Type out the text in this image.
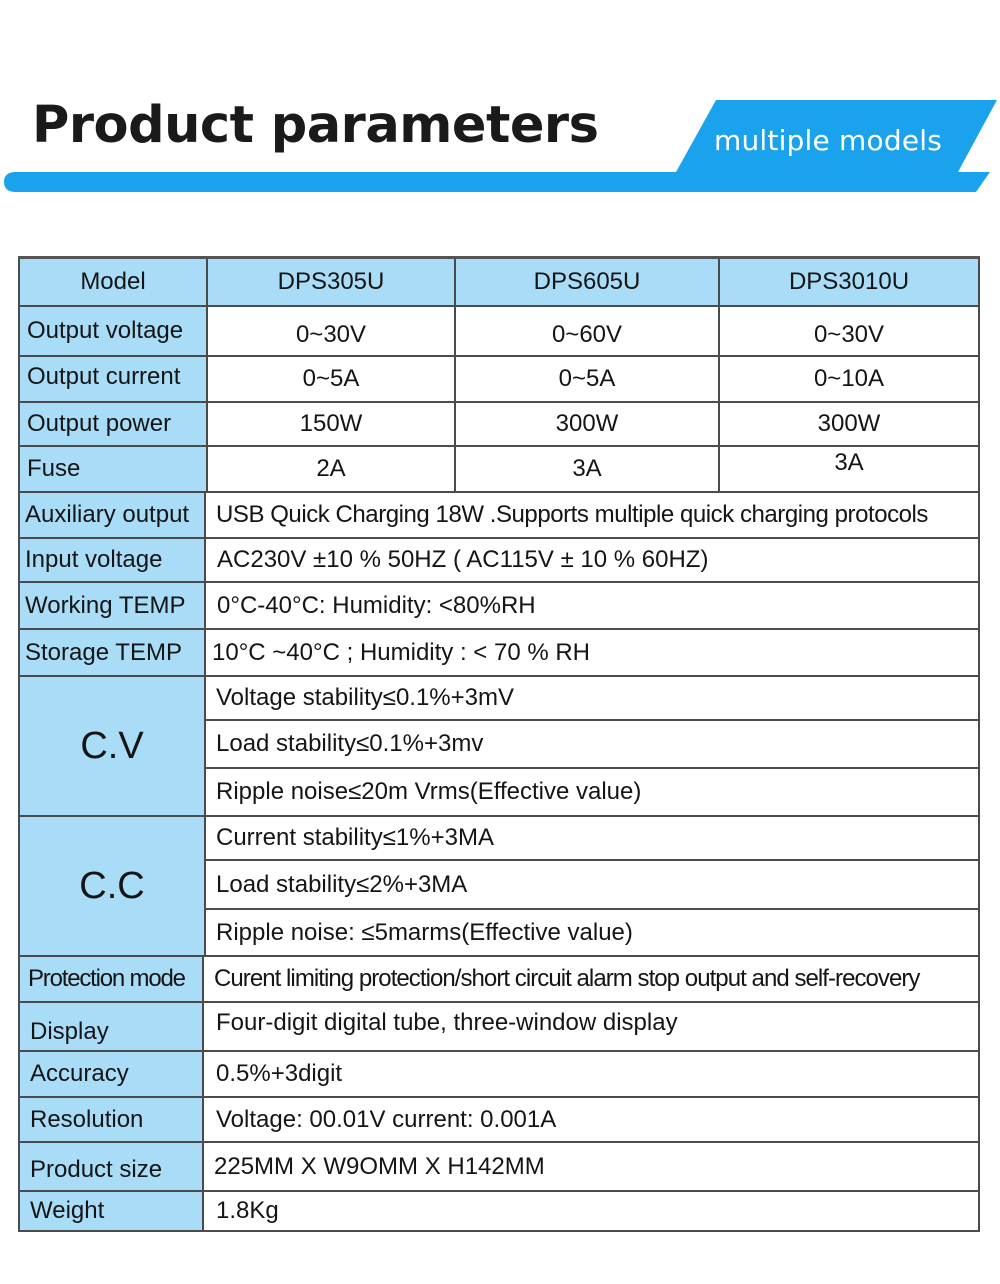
Product parameters	multiple models
Model	DPS305U	DPS605U	DPS3010U
Output voltage	0~30V	0~60V	0~30V
Output current	0~5A	0~5A	0~10A
Output power	150W	300W	300W
Fuse	2A	3A	3A
Auxiliary output	USB Quick Charging 18W .Supports multiple quick charging protocols
Input voltage	AC230V ±10 % 50HZ ( AC115V ± 10 % 60HZ)
Working TEMP	0°C-40°C: Humidity: <80%RH
Storage TEMP	10°C ~40°C ; Humidity : < 70 % RH
C.V
Voltage stability≤0.1%+3mV
Load stability≤0.1%+3mv
Ripple noise≤20m Vrms(Effective value)
C.C
Current stability≤1%+3MA
Load stability≤2%+3MA
Ripple noise: ≤5marms(Effective value)
Protection mode	Curent limiting protection/short circuit alarm stop output and self-recovery
Display	Four-digit digital tube, three-window display
Accuracy	0.5%+3digit
Resolution	Voltage: 00.01V current: 0.001A
Product size	225MM X W9OMM X H142MM
Weight	1.8Kg
